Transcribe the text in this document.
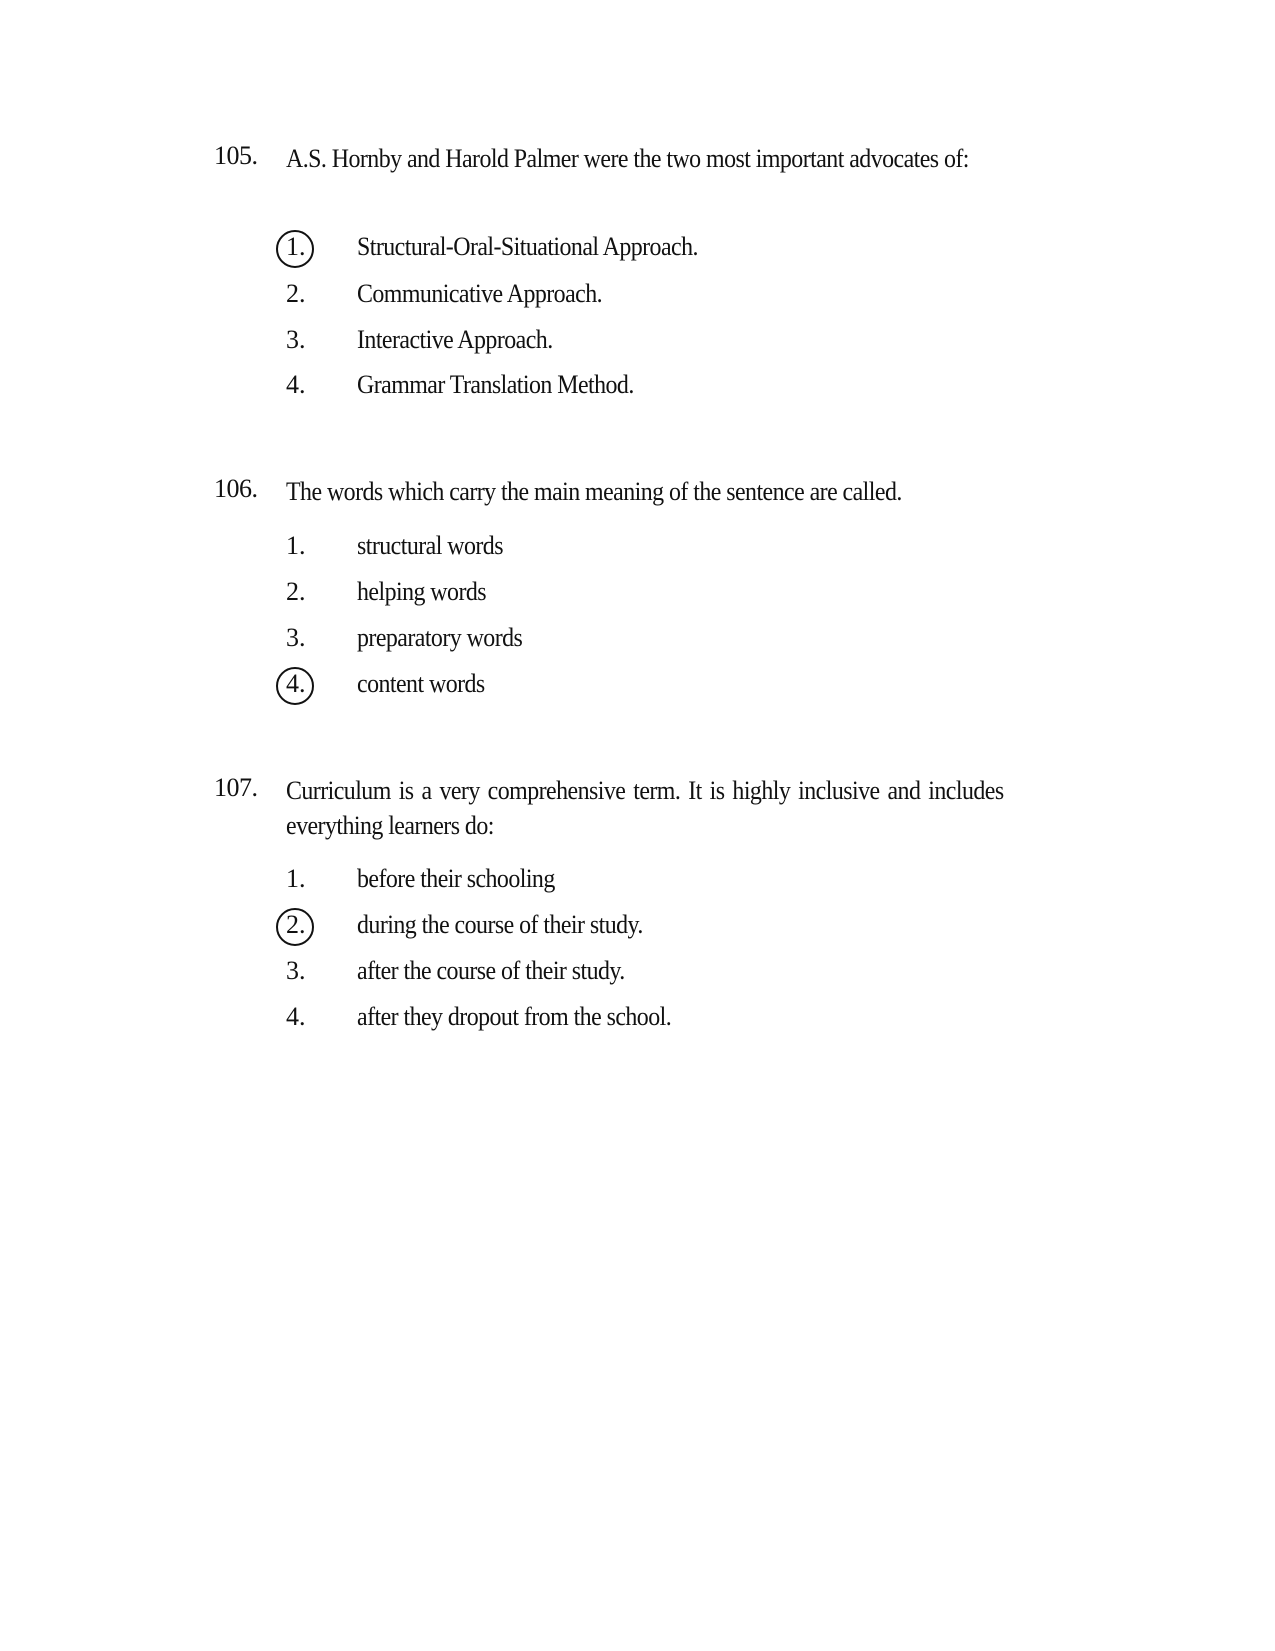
105. A.S. Hornby and Harold Palmer were the two most important advocates of:
1.	Structural-Oral-Situational Approach.
2.	Communicative Approach.
3.	Interactive Approach.
4.	Grammar Translation Method.
106. The words which carry the main meaning of the sentence are called.
1.	structural words
2.	helping words
3.	preparatory words
4.	content words
107. Curriculum is a very comprehensive term. It is highly inclusive and includes everything learners do:
1.	before their schooling
2.	during the course of their study.
3.	after the course of their study.
4.	after they dropout from the school.
